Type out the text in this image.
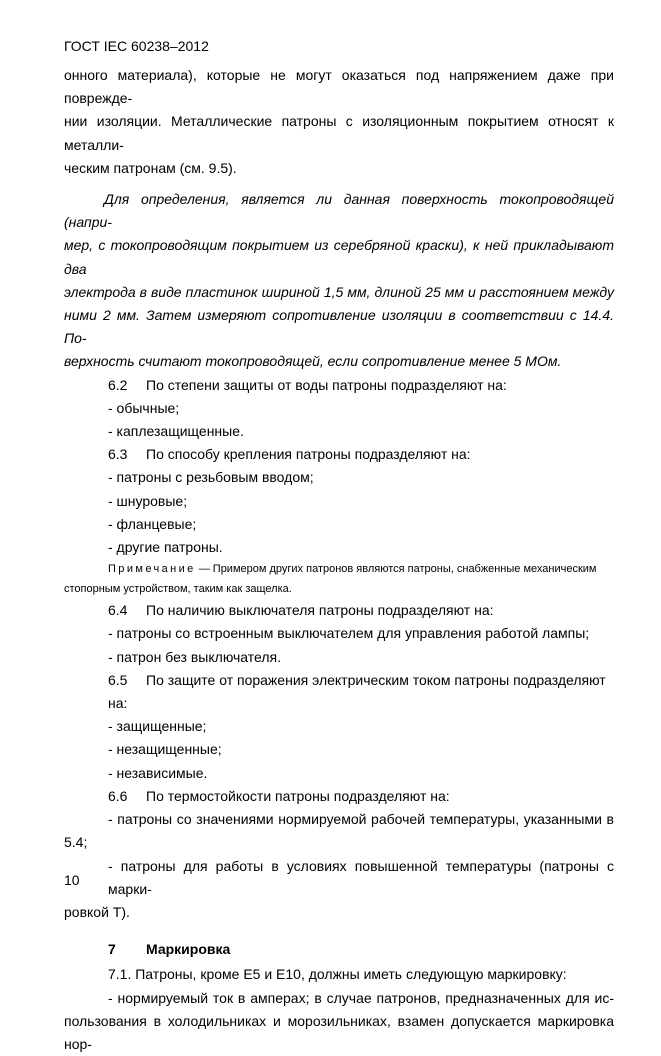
ГОСТ IEC 60238–2012

онного материала), которые не могут оказаться под напряжением даже при поврежде-

нии изоляции. Металлические патроны с изоляционным покрытием относят к металли-

ческим патронам (см. 9.5).

Для определения, является ли данная поверхность токопроводящей (напри-

мер, с токопроводящим покрытием из серебряной краски), к ней прикладывают два

электрода в виде пластинок шириной 1,5 мм, длиной 25 мм и расстоянием между

ними 2 мм. Затем измеряют сопротивление изоляции в соответствии с 14.4. По-

верхность считают токопроводящей, если сопротивление менее 5 МОм.

6.2 По степени защиты от воды патроны подразделяют на:

- обычные;

- каплезащищенные.

6.3 По способу крепления патроны подразделяют на:

- патроны с резьбовым вводом;

- шнуровые;

- фланцевые;

- другие патроны.

Примечание — Примером других патронов являются патроны, снабженные механическим

стопорным устройством, таким как защелка.

6.4 По наличию выключателя патроны подразделяют на:

- патроны со встроенным выключателем для управления работой лампы;

- патрон без выключателя.

6.5 По защите от поражения электрическим током патроны подразделяют на:

- защищенные;

- незащищенные;

- независимые.

6.6 По термостойкости патроны подразделяют на:

- патроны со значениями нормируемой рабочей температуры, указанными в

5.4;

- патроны для работы в условиях повышенной температуры (патроны с марки-

ровкой T).

7 Маркировка

7.1. Патроны, кроме E5 и E10, должны иметь следующую маркировку:

- нормируемый ток в амперах; в случае патронов, предназначенных для ис-

пользования в холодильниках и морозильниках, взамен допускается маркировка нор-

10
